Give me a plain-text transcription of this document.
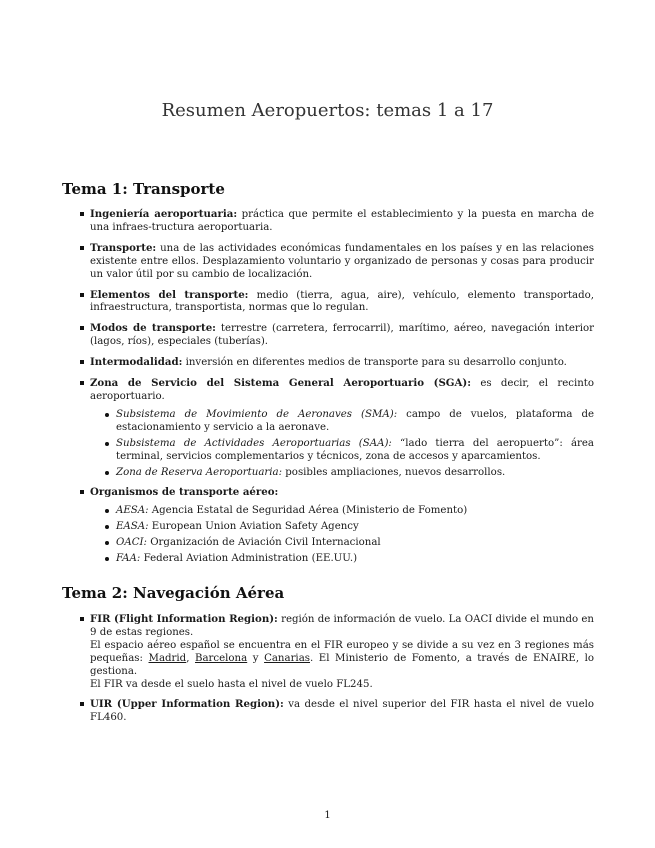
Resumen Aeropuertos: temas 1 a 17
Tema 1: Transporte
Ingeniería aeroportuaria: práctica que permite el establecimiento y la puesta en marcha de una infraes-tructura aeroportuaria.
Transporte: una de las actividades económicas fundamentales en los países y en las relaciones existente entre ellos. Desplazamiento voluntario y organizado de personas y cosas para producir un valor útil por su cambio de localización.
Elementos del transporte: medio (tierra, agua, aire), vehículo, elemento transportado, infraestructura, transportista, normas que lo regulan.
Modos de transporte: terrestre (carretera, ferrocarril), marítimo, aéreo, navegación interior (lagos, ríos), especiales (tuberías).
Intermodalidad: inversión en diferentes medios de transporte para su desarrollo conjunto.
Zona de Servicio del Sistema General Aeroportuario (SGA): es decir, el recinto aeroportuario.
Subsistema de Movimiento de Aeronaves (SMA): campo de vuelos, plataforma de estacionamiento y servicio a la aeronave.
Subsistema de Actividades Aeroportuarias (SAA): “lado tierra del aeropuerto”: área terminal, servicios complementarios y técnicos, zona de accesos y aparcamientos.
Zona de Reserva Aeroportuaria: posibles ampliaciones, nuevos desarrollos.
Organismos de transporte aéreo:
AESA: Agencia Estatal de Seguridad Aérea (Ministerio de Fomento)
EASA: European Union Aviation Safety Agency
OACI: Organización de Aviación Civil Internacional
FAA: Federal Aviation Administration (EE.UU.)
Tema 2: Navegación Aérea
FIR (Flight Information Region): región de información de vuelo. La OACI divide el mundo en 9 de estas regiones.
El espacio aéreo español se encuentra en el FIR europeo y se divide a su vez en 3 regiones más pequeñas: Madrid, Barcelona y Canarias. El Ministerio de Fomento, a través de ENAIRE, lo gestiona.
El FIR va desde el suelo hasta el nivel de vuelo FL245.
UIR (Upper Information Region): va desde el nivel superior del FIR hasta el nivel de vuelo FL460.
1
